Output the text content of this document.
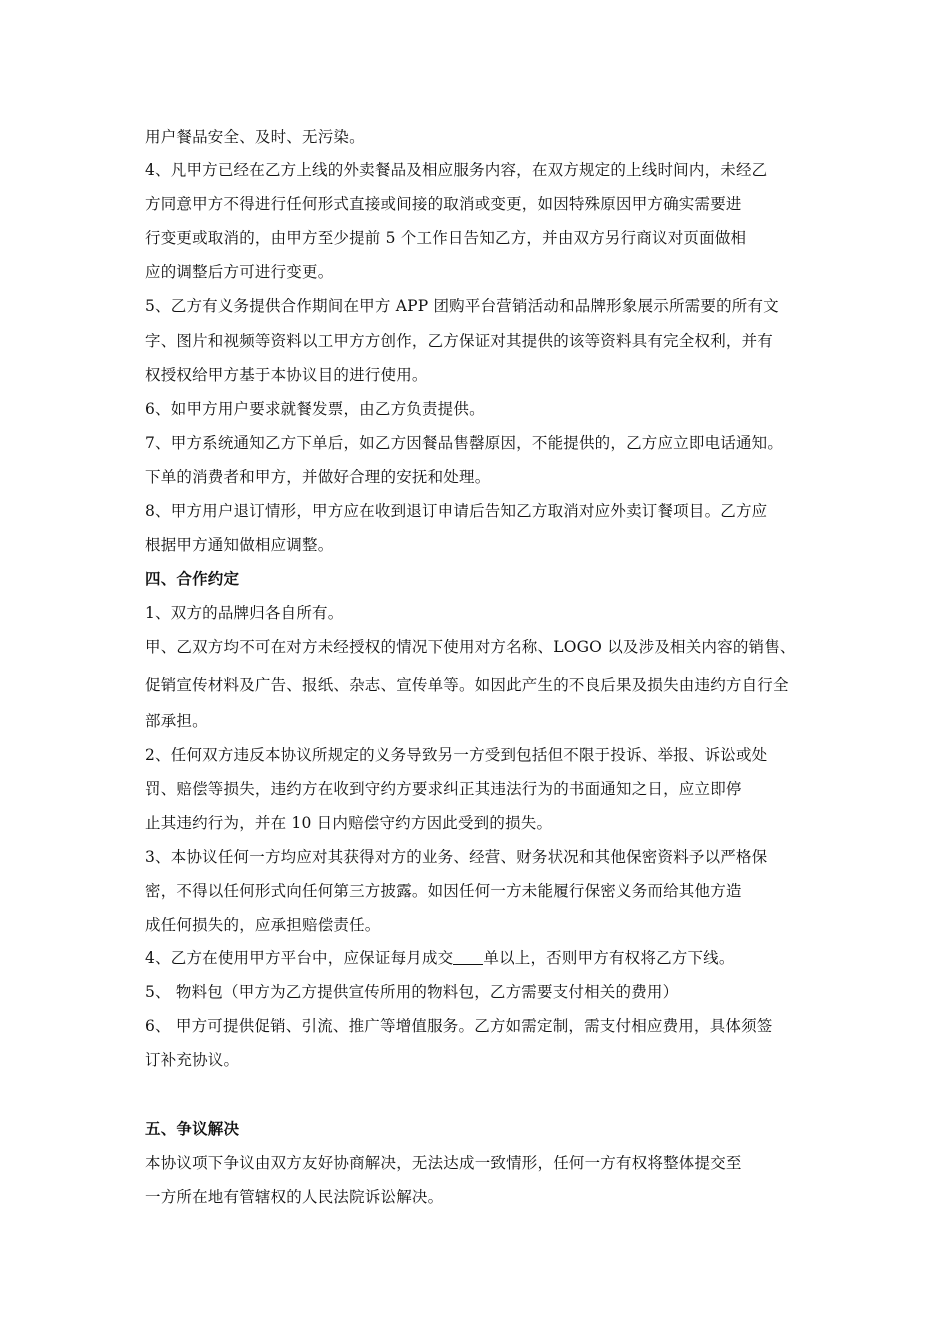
用户餐品安全、及时、无污染。
4、凡甲方已经在乙方上线的外卖餐品及相应服务内容，在双方规定的上线时间内，未经乙
方同意甲方不得进行任何形式直接或间接的取消或变更，如因特殊原因甲方确实需要进
行变更或取消的，由甲方至少提前 5 个工作日告知乙方，并由双方另行商议对页面做相
应的调整后方可进行变更。
5、乙方有义务提供合作期间在甲方 APP 团购平台营销活动和品牌形象展示所需要的所有文
字、图片和视频等资料以工甲方方创作，乙方保证对其提供的该等资料具有完全权利，并有
权授权给甲方基于本协议目的进行使用。
6、如甲方用户要求就餐发票，由乙方负责提供。
7、甲方系统通知乙方下单后，如乙方因餐品售罄原因，不能提供的，乙方应立即电话通知。
下单的消费者和甲方，并做好合理的安抚和处理。
8、甲方用户退订情形，甲方应在收到退订申请后告知乙方取消对应外卖订餐项目。乙方应
根据甲方通知做相应调整。
四、合作约定
1、双方的品牌归各自所有。
甲、乙双方均不可在对方未经授权的情况下使用对方名称、LOGO 以及涉及相关内容的销售、
促销宣传材料及广告、报纸、杂志、宣传单等。如因此产生的不良后果及损失由违约方自行全
部承担。
2、任何双方违反本协议所规定的义务导致另一方受到包括但不限于投诉、举报、诉讼或处
罚、赔偿等损失，违约方在收到守约方要求纠正其违法行为的书面通知之日，应立即停
止其违约行为，并在 10 日内赔偿守约方因此受到的损失。
3、本协议任何一方均应对其获得对方的业务、经营、财务状况和其他保密资料予以严格保
密，不得以任何形式向任何第三方披露。如因任何一方未能履行保密义务而给其他方造
成任何损失的，应承担赔偿责任。
4、乙方在使用甲方平台中，应保证每月成交 单以上，否则甲方有权将乙方下线。
5、 物料包（甲方为乙方提供宣传所用的物料包，乙方需要支付相关的费用）
6、 甲方可提供促销、引流、推广等增值服务。乙方如需定制，需支付相应费用，具体须签
订补充协议。
五、争议解决
本协议项下争议由双方友好协商解决，无法达成一致情形，任何一方有权将整体提交至
一方所在地有管辖权的人民法院诉讼解决。
